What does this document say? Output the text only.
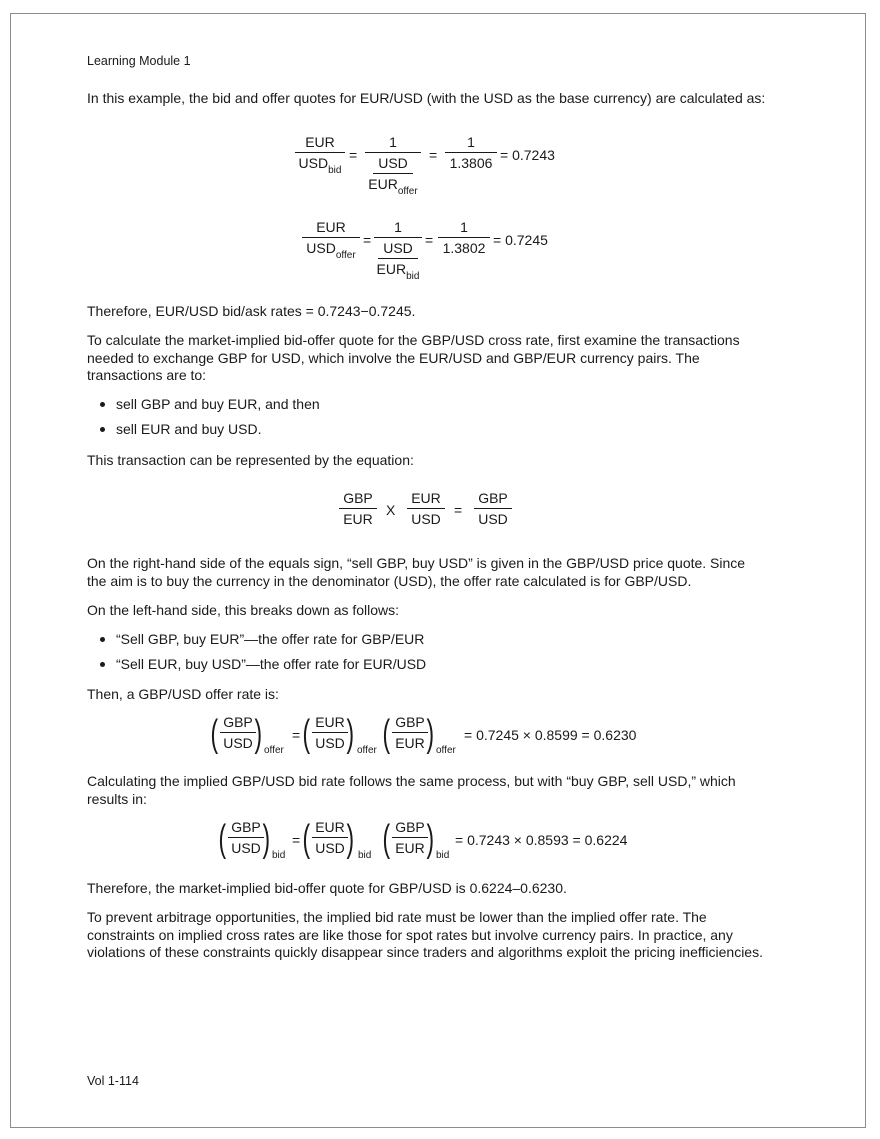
Learning Module 1

In this example, the bid and offer quotes for EUR/USD (with the USD as the base currency) are calculated as:

EUR
$USD_{bid}$
=
1
USD
$EUR_{offer}$
=
1
1.3806 = 0.7243
EUR
$USD_{offer}$
=
1
USD
$EUR_{bid}$
=
1
1.3802 = 0.7245

Therefore, EUR/USD bid/ask rates = 0.7243−0.7245.

To calculate the market-implied bid-offer quote for the GBP/USD cross rate, first examine the transactions needed to exchange GBP for USD, which involve the EUR/USD and GBP/EUR currency pairs. The transactions are to:

sell GBP and buy EUR, and then
sell EUR and buy USD.

This transaction can be represented by the equation:

GBP
EUR
X
EUR
USD
=
GBP
USD

On the right-hand side of the equals sign, “sell GBP, buy USD” is given in the GBP/USD price quote. Since the aim is to buy the currency in the denominator (USD), the offer rate calculated is for GBP/USD.

On the left-hand side, this breaks down as follows:

“Sell GBP, buy EUR”—the offer rate for GBP/EUR
“Sell EUR, buy USD”—the offer rate for EUR/USD

Then, a GBP/USD offer rate is:

( GBP
USD ) offer
= ( EUR
USD ) offer ( GBP
EUR ) offer
= 0.7245 × 0.8599 = 0.6230

Calculating the implied GBP/USD bid rate follows the same process, but with “buy GBP, sell USD,” which results in:

( GBP
USD ) bid
= ( EUR
USD ) bid ( GBP
EUR ) bid
= 0.7243 × 0.8593 = 0.6224

Therefore, the market-implied bid-offer quote for GBP/USD is 0.6224–0.6230.

To prevent arbitrage opportunities, the implied bid rate must be lower than the implied offer rate. The constraints on implied cross rates are like those for spot rates but involve currency pairs. In practice, any violations of these constraints quickly disappear since traders and algorithms exploit the pricing inefficiencies.

Vol 1-114
